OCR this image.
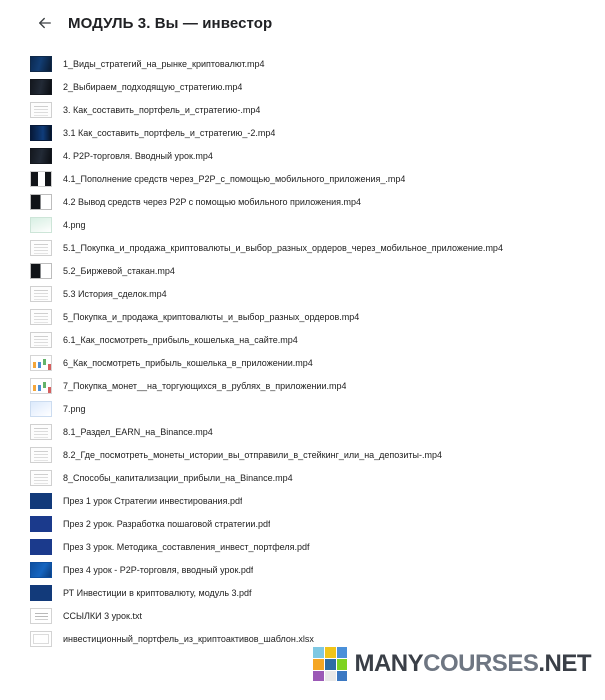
МОДУЛЬ 3. Вы — инвестор
1_Виды_стратегий_на_рынке_криптовалют.mp4
2_Выбираем_подходящую_стратегию.mp4
3. Как_составить_портфель_и_стратегию-.mp4
3.1 Как_составить_портфель_и_стратегию_-2.mp4
4. P2P-торговля. Вводный урок.mp4
4.1_Пополнение средств через_P2P_с_помощью_мобильного_приложения_.mp4
4.2 Вывод средств через P2P с помощью мобильного приложения.mp4
4.png
5.1_Покупка_и_продажа_криптовалюты_и_выбор_разных_ордеров_через_мобильное_приложение.mp4
5.2_Биржевой_стакан.mp4
5.3 История_сделок.mp4
5_Покупка_и_продажа_криптовалюты_и_выбор_разных_ордеров.mp4
6.1_Как_посмотреть_прибыль_кошелька_на_сайте.mp4
6_Как_посмотреть_прибыль_кошелька_в_приложении.mp4
7_Покупка_монет__на_торгующихся_в_рублях_в_приложении.mp4
7.png
8.1_Раздел_EARN_на_Binance.mp4
8.2_Где_посмотреть_монеты_истории_вы_отправили_в_стейкинг_или_на_депозиты-.mp4
8_Способы_капитализации_прибыли_на_Binance.mp4
През 1 урок Стратегии инвестирования.pdf
През 2 урок. Разработка пошаговой стратегии.pdf
През 3 урок. Методика_составления_инвест_портфеля.pdf
През 4 урок - P2P-торговля, вводный урок.pdf
РТ Инвестиции в криптовалюту, модуль 3.pdf
ССЫЛКИ 3 урок.txt
инвестиционный_портфель_из_криптоактивов_шаблон.xlsx
MANYCOURSES.NET
